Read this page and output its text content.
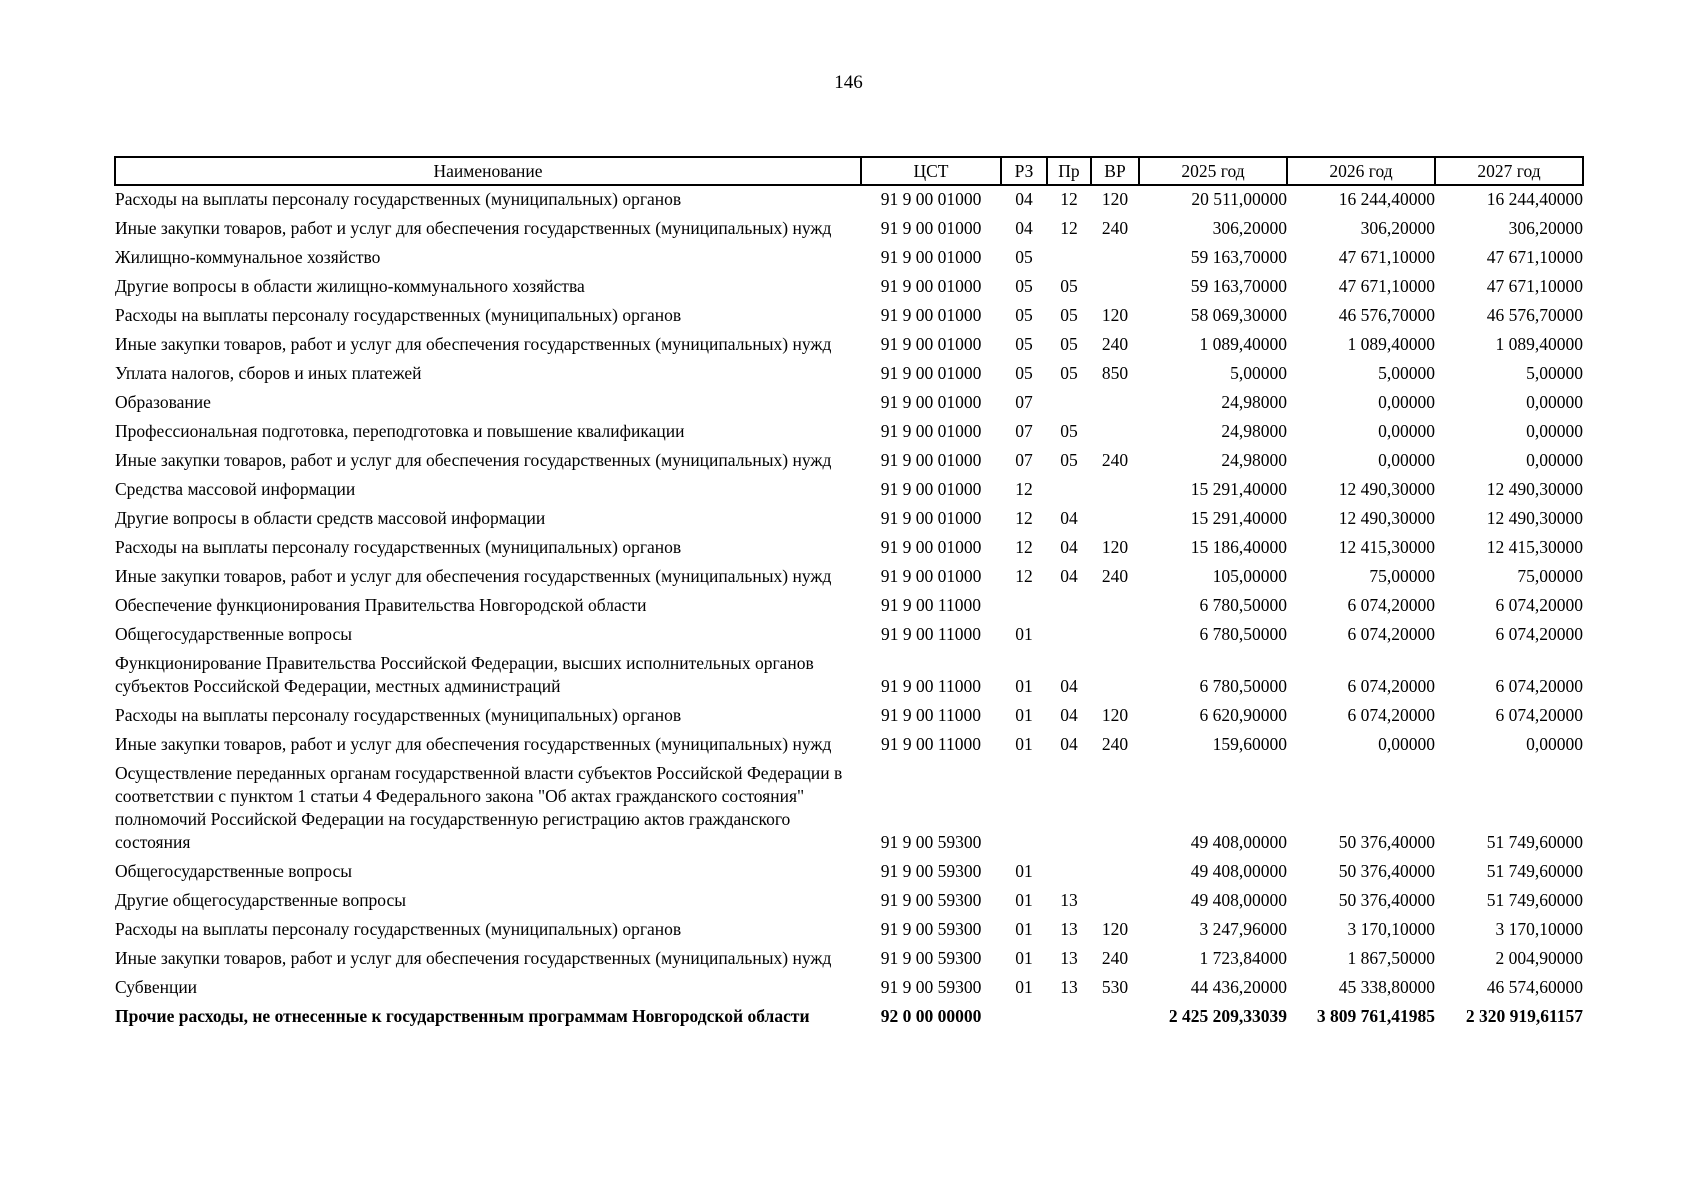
146
Наименование	ЦСТ	РЗ	Пр	ВР	2025 год	2026 год	2027 год
Расходы на выплаты персоналу государственных (муниципальных) органов	91 9 00 01000	04	12	120	20 511,00000	16 244,40000	16 244,40000
Иные закупки товаров, работ и услуг для обеспечения государственных (муниципальных) нужд	91 9 00 01000	04	12	240	306,20000	306,20000	306,20000
Жилищно-коммунальное хозяйство	91 9 00 01000	05			59 163,70000	47 671,10000	47 671,10000
Другие вопросы в области жилищно-коммунального хозяйства	91 9 00 01000	05	05		59 163,70000	47 671,10000	47 671,10000
Расходы на выплаты персоналу государственных (муниципальных) органов	91 9 00 01000	05	05	120	58 069,30000	46 576,70000	46 576,70000
Иные закупки товаров, работ и услуг для обеспечения государственных (муниципальных) нужд	91 9 00 01000	05	05	240	1 089,40000	1 089,40000	1 089,40000
Уплата налогов, сборов и иных платежей	91 9 00 01000	05	05	850	5,00000	5,00000	5,00000
Образование	91 9 00 01000	07			24,98000	0,00000	0,00000
Профессиональная подготовка, переподготовка и повышение квалификации	91 9 00 01000	07	05		24,98000	0,00000	0,00000
Иные закупки товаров, работ и услуг для обеспечения государственных (муниципальных) нужд	91 9 00 01000	07	05	240	24,98000	0,00000	0,00000
Средства массовой информации	91 9 00 01000	12			15 291,40000	12 490,30000	12 490,30000
Другие вопросы в области средств массовой информации	91 9 00 01000	12	04		15 291,40000	12 490,30000	12 490,30000
Расходы на выплаты персоналу государственных (муниципальных) органов	91 9 00 01000	12	04	120	15 186,40000	12 415,30000	12 415,30000
Иные закупки товаров, работ и услуг для обеспечения государственных (муниципальных) нужд	91 9 00 01000	12	04	240	105,00000	75,00000	75,00000
Обеспечение функционирования Правительства Новгородской области	91 9 00 11000				6 780,50000	6 074,20000	6 074,20000
Общегосударственные вопросы	91 9 00 11000	01			6 780,50000	6 074,20000	6 074,20000
Функционирование Правительства Российской Федерации, высших исполнительных органов субъектов Российской Федерации, местных администраций	91 9 00 11000	01	04		6 780,50000	6 074,20000	6 074,20000
Расходы на выплаты персоналу государственных (муниципальных) органов	91 9 00 11000	01	04	120	6 620,90000	6 074,20000	6 074,20000
Иные закупки товаров, работ и услуг для обеспечения государственных (муниципальных) нужд	91 9 00 11000	01	04	240	159,60000	0,00000	0,00000
Осуществление переданных органам государственной власти субъектов Российской Федерации в соответствии с пунктом 1 статьи 4 Федерального закона "Об актах гражданского состояния" полномочий Российской Федерации на государственную регистрацию актов гражданского состояния	91 9 00 59300				49 408,00000	50 376,40000	51 749,60000
Общегосударственные вопросы	91 9 00 59300	01			49 408,00000	50 376,40000	51 749,60000
Другие общегосударственные вопросы	91 9 00 59300	01	13		49 408,00000	50 376,40000	51 749,60000
Расходы на выплаты персоналу государственных (муниципальных) органов	91 9 00 59300	01	13	120	3 247,96000	3 170,10000	3 170,10000
Иные закупки товаров, работ и услуг для обеспечения государственных (муниципальных) нужд	91 9 00 59300	01	13	240	1 723,84000	1 867,50000	2 004,90000
Субвенции	91 9 00 59300	01	13	530	44 436,20000	45 338,80000	46 574,60000
Прочие расходы, не отнесенные к государственным программам Новгородской области	92 0 00 00000				2 425 209,33039	3 809 761,41985	2 320 919,61157
